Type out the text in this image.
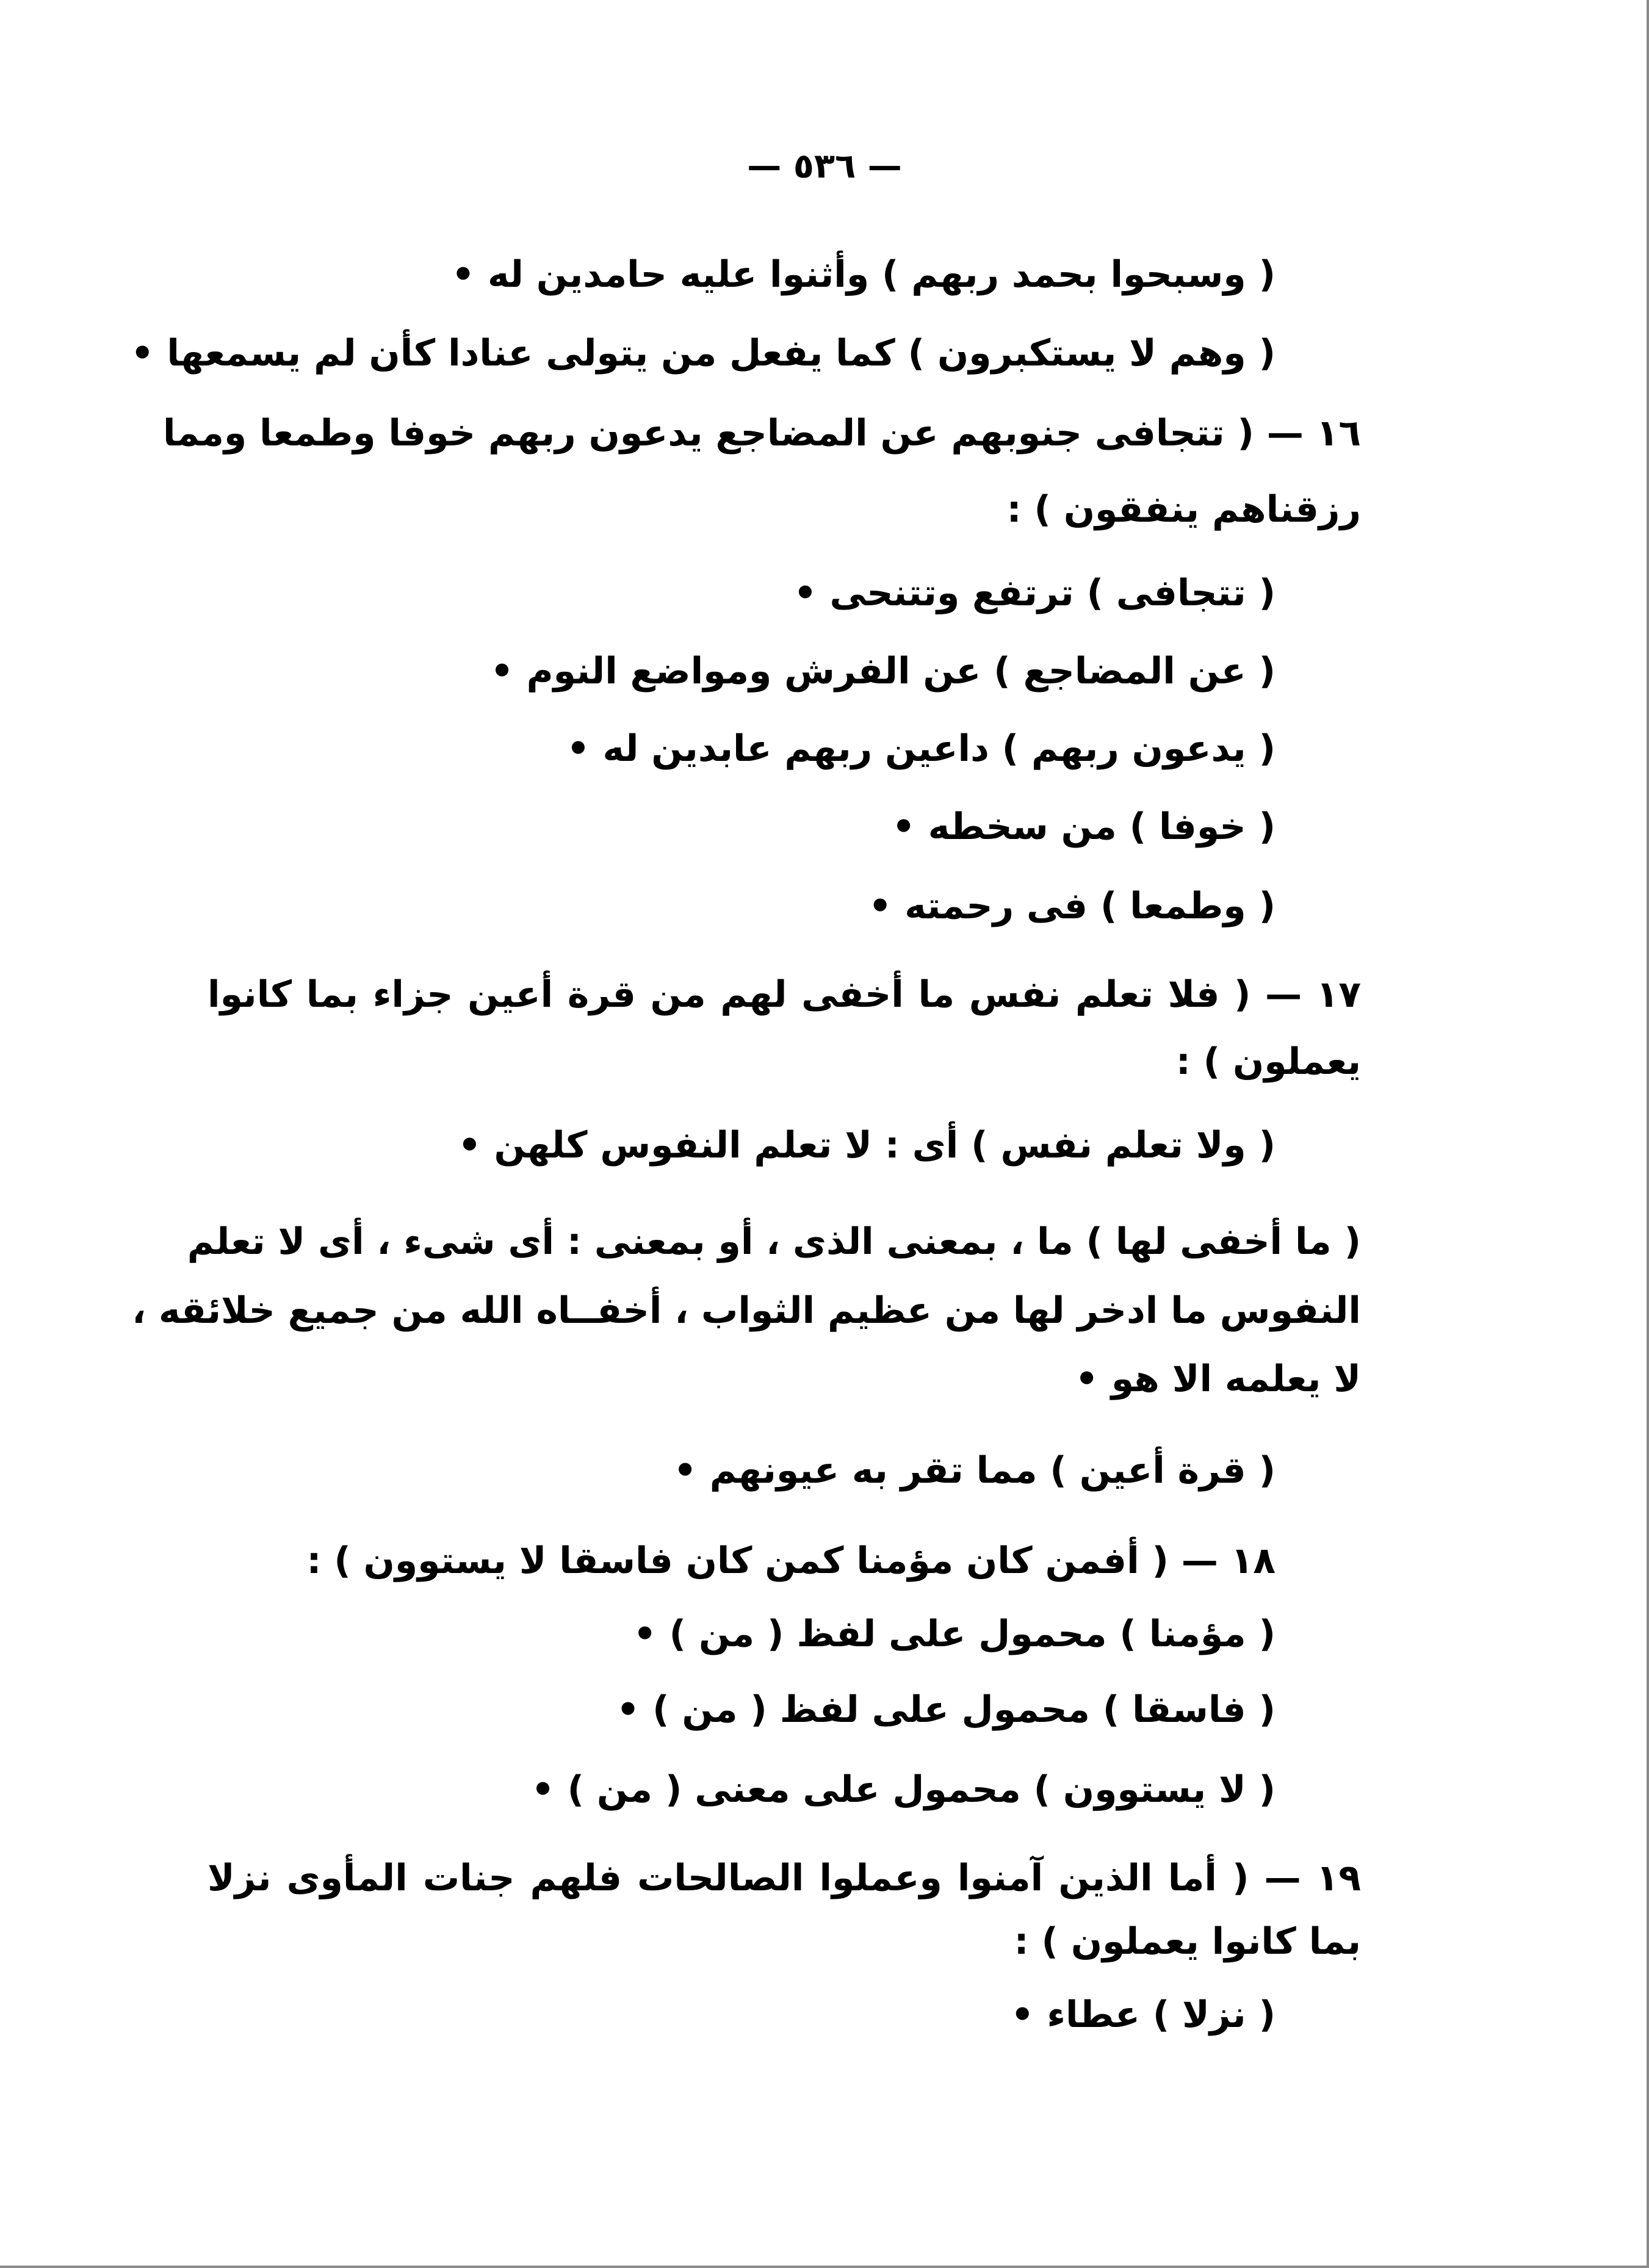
— ٥٣٦ —
( وسبحوا بحمد ربهم ) وأثنوا عليه حامدين له •
( وهم لا يستكبرون ) كما يفعل من يتولى عنادا كأن لم يسمعها •
١٦ — ( تتجافى جنوبهم عن المضاجع يدعون ربهم خوفا وطمعا ومما
رزقناهم ينفقون ) :
( تتجافى ) ترتفع وتتنحى •
( عن المضاجع ) عن الفرش ومواضع النوم •
( يدعون ربهم ) داعين ربهم عابدين له •
( خوفا ) من سخطه •
( وطمعا ) فى رحمته •
١٧ — ( فلا تعلم نفس ما أخفى لهم من قرة أعين جزاء بما كانوا
يعملون ) :
( ولا تعلم نفس ) أى : لا تعلم النفوس كلهن •
( ما أخفى لها ) ما ، بمعنى الذى ، أو بمعنى : أى شىء ، أى لا تعلم
النفوس ما ادخر لها من عظيم الثواب ، أخفــاه الله من جميع خلائقه ،
لا يعلمه الا هو •
( قرة أعين ) مما تقر به عيونهم •
١٨ — ( أفمن كان مؤمنا كمن كان فاسقا لا يستوون ) :
( مؤمنا ) محمول على لفظ ( من ) •
( فاسقا ) محمول على لفظ ( من ) •
( لا يستوون ) محمول على معنى ( من ) •
١٩ — ( أما الذين آمنوا وعملوا الصالحات فلهم جنات المأوى نزلا
بما كانوا يعملون ) :
( نزلا ) عطاء •
